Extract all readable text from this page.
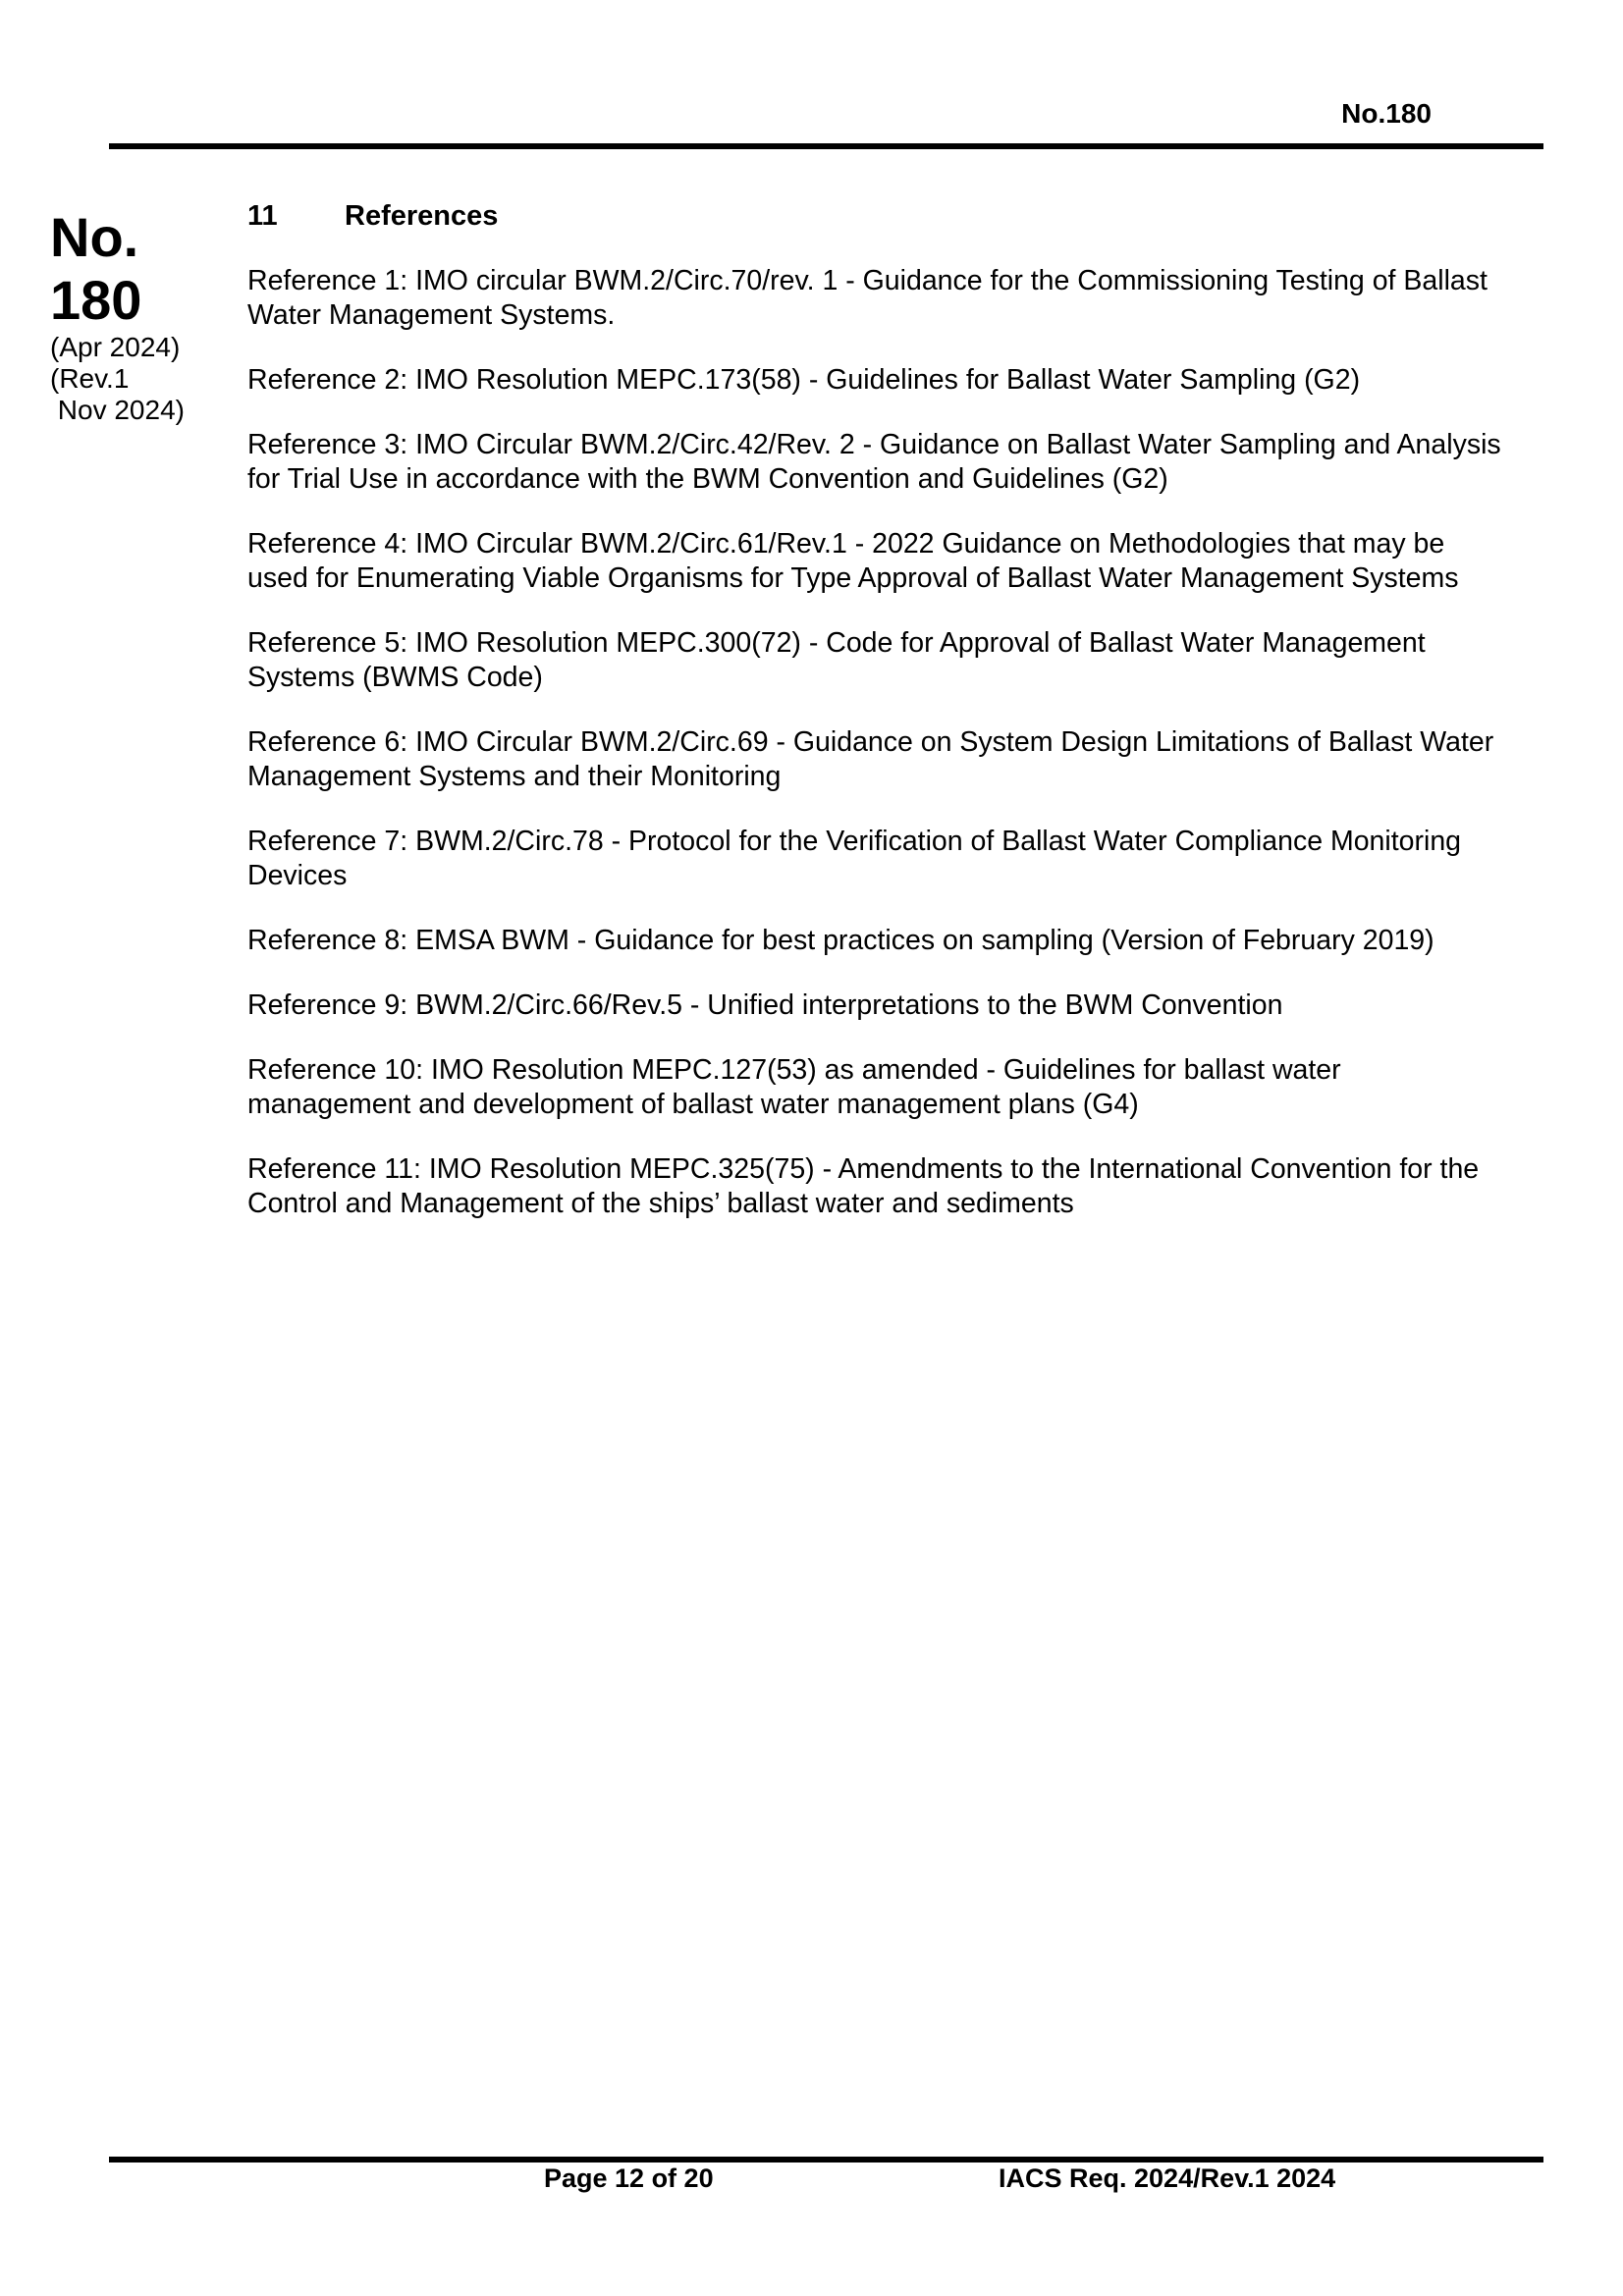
No.180
No.
180
(Apr 2024)
(Rev.1
Nov 2024)
11 References
Reference 1: IMO circular BWM.2/Circ.70/rev. 1 - Guidance for the Commissioning Testing of Ballast Water Management Systems.
Reference 2: IMO Resolution MEPC.173(58) - Guidelines for Ballast Water Sampling (G2)
Reference 3: IMO Circular BWM.2/Circ.42/Rev. 2 - Guidance on Ballast Water Sampling and Analysis for Trial Use in accordance with the BWM Convention and Guidelines (G2)
Reference 4: IMO Circular BWM.2/Circ.61/Rev.1 - 2022 Guidance on Methodologies that may be used for Enumerating Viable Organisms for Type Approval of Ballast Water Management Systems
Reference 5: IMO Resolution MEPC.300(72) - Code for Approval of Ballast Water Management Systems (BWMS Code)
Reference 6: IMO Circular BWM.2/Circ.69 - Guidance on System Design Limitations of Ballast Water Management Systems and their Monitoring
Reference 7: BWM.2/Circ.78 - Protocol for the Verification of Ballast Water Compliance Monitoring Devices
Reference 8: EMSA BWM - Guidance for best practices on sampling (Version of February 2019)
Reference 9: BWM.2/Circ.66/Rev.5 - Unified interpretations to the BWM Convention
Reference 10: IMO Resolution MEPC.127(53) as amended - Guidelines for ballast water management and development of ballast water management plans (G4)
Reference 11: IMO Resolution MEPC.325(75) - Amendments to the International Convention for the Control and Management of the ships’ ballast water and sediments
Page 12 of 20	IACS Req. 2024/Rev.1 2024
